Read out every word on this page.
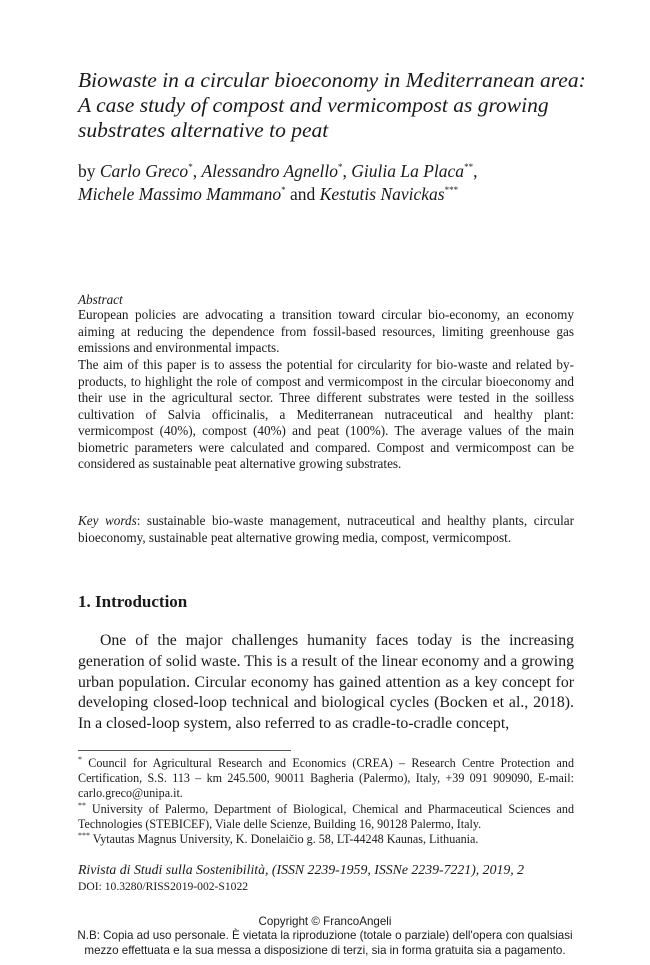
Biowaste in a circular bioeconomy in Mediterranean area:
A case study of compost and vermicompost as growing
substrates alternative to peat

by Carlo Greco*, Alessandro Agnello*, Giulia La Placa**,
Michele Massimo Mammano* and Kestutis Navickas***

Abstract

European policies are advocating a transition toward circular bio-economy, an economy aiming at reducing the dependence from fossil-based resources, limiting greenhouse gas emissions and environmental impacts.

The aim of this paper is to assess the potential for circularity for bio-waste and related by-products, to highlight the role of compost and vermicompost in the circular bioeconomy and their use in the agricultural sector. Three different substrates were tested in the soilless cultivation of Salvia officinalis, a Mediterranean nutraceutical and healthy plant: vermicompost (40%), compost (40%) and peat (100%). The average values of the main biometric parameters were calculated and compared. Compost and vermicompost can be considered as sustainable peat alternative growing substrates.

Key words: sustainable bio-waste management, nutraceutical and healthy plants, circular bioeconomy, sustainable peat alternative growing media, compost, vermicompost.

1. Introduction

One of the major challenges humanity faces today is the increasing generation of solid waste. This is a result of the linear economy and a growing urban population. Circular economy has gained attention as a key concept for developing closed-loop technical and biological cycles (Bocken et al., 2018). In a closed-loop system, also referred to as cradle-to-cradle concept,

* Council for Agricultural Research and Economics (CREA) – Research Centre Protection and Certification, S.S. 113 – km 245.500, 90011 Bagheria (Palermo), Italy, +39 091 909090, E-mail: carlo.greco@unipa.it.

** University of Palermo, Department of Biological, Chemical and Pharmaceutical Sciences and Technologies (STEBICEF), Viale delle Scienze, Building 16, 90128 Palermo, Italy.

*** Vytautas Magnus University, K. Donelaičio g. 58, LT-44248 Kaunas, Lithuania.

Rivista di Studi sulla Sostenibilità, (ISSN 2239-1959, ISSNe 2239-7221), 2019, 2
DOI: 10.3280/RISS2019-002-S1022
Copyright © FrancoAngeli
N.B: Copia ad uso personale. È vietata la riproduzione (totale o parziale) dell'opera con qualsiasi
mezzo effettuata e la sua messa a disposizione di terzi, sia in forma gratuita sia a pagamento.
